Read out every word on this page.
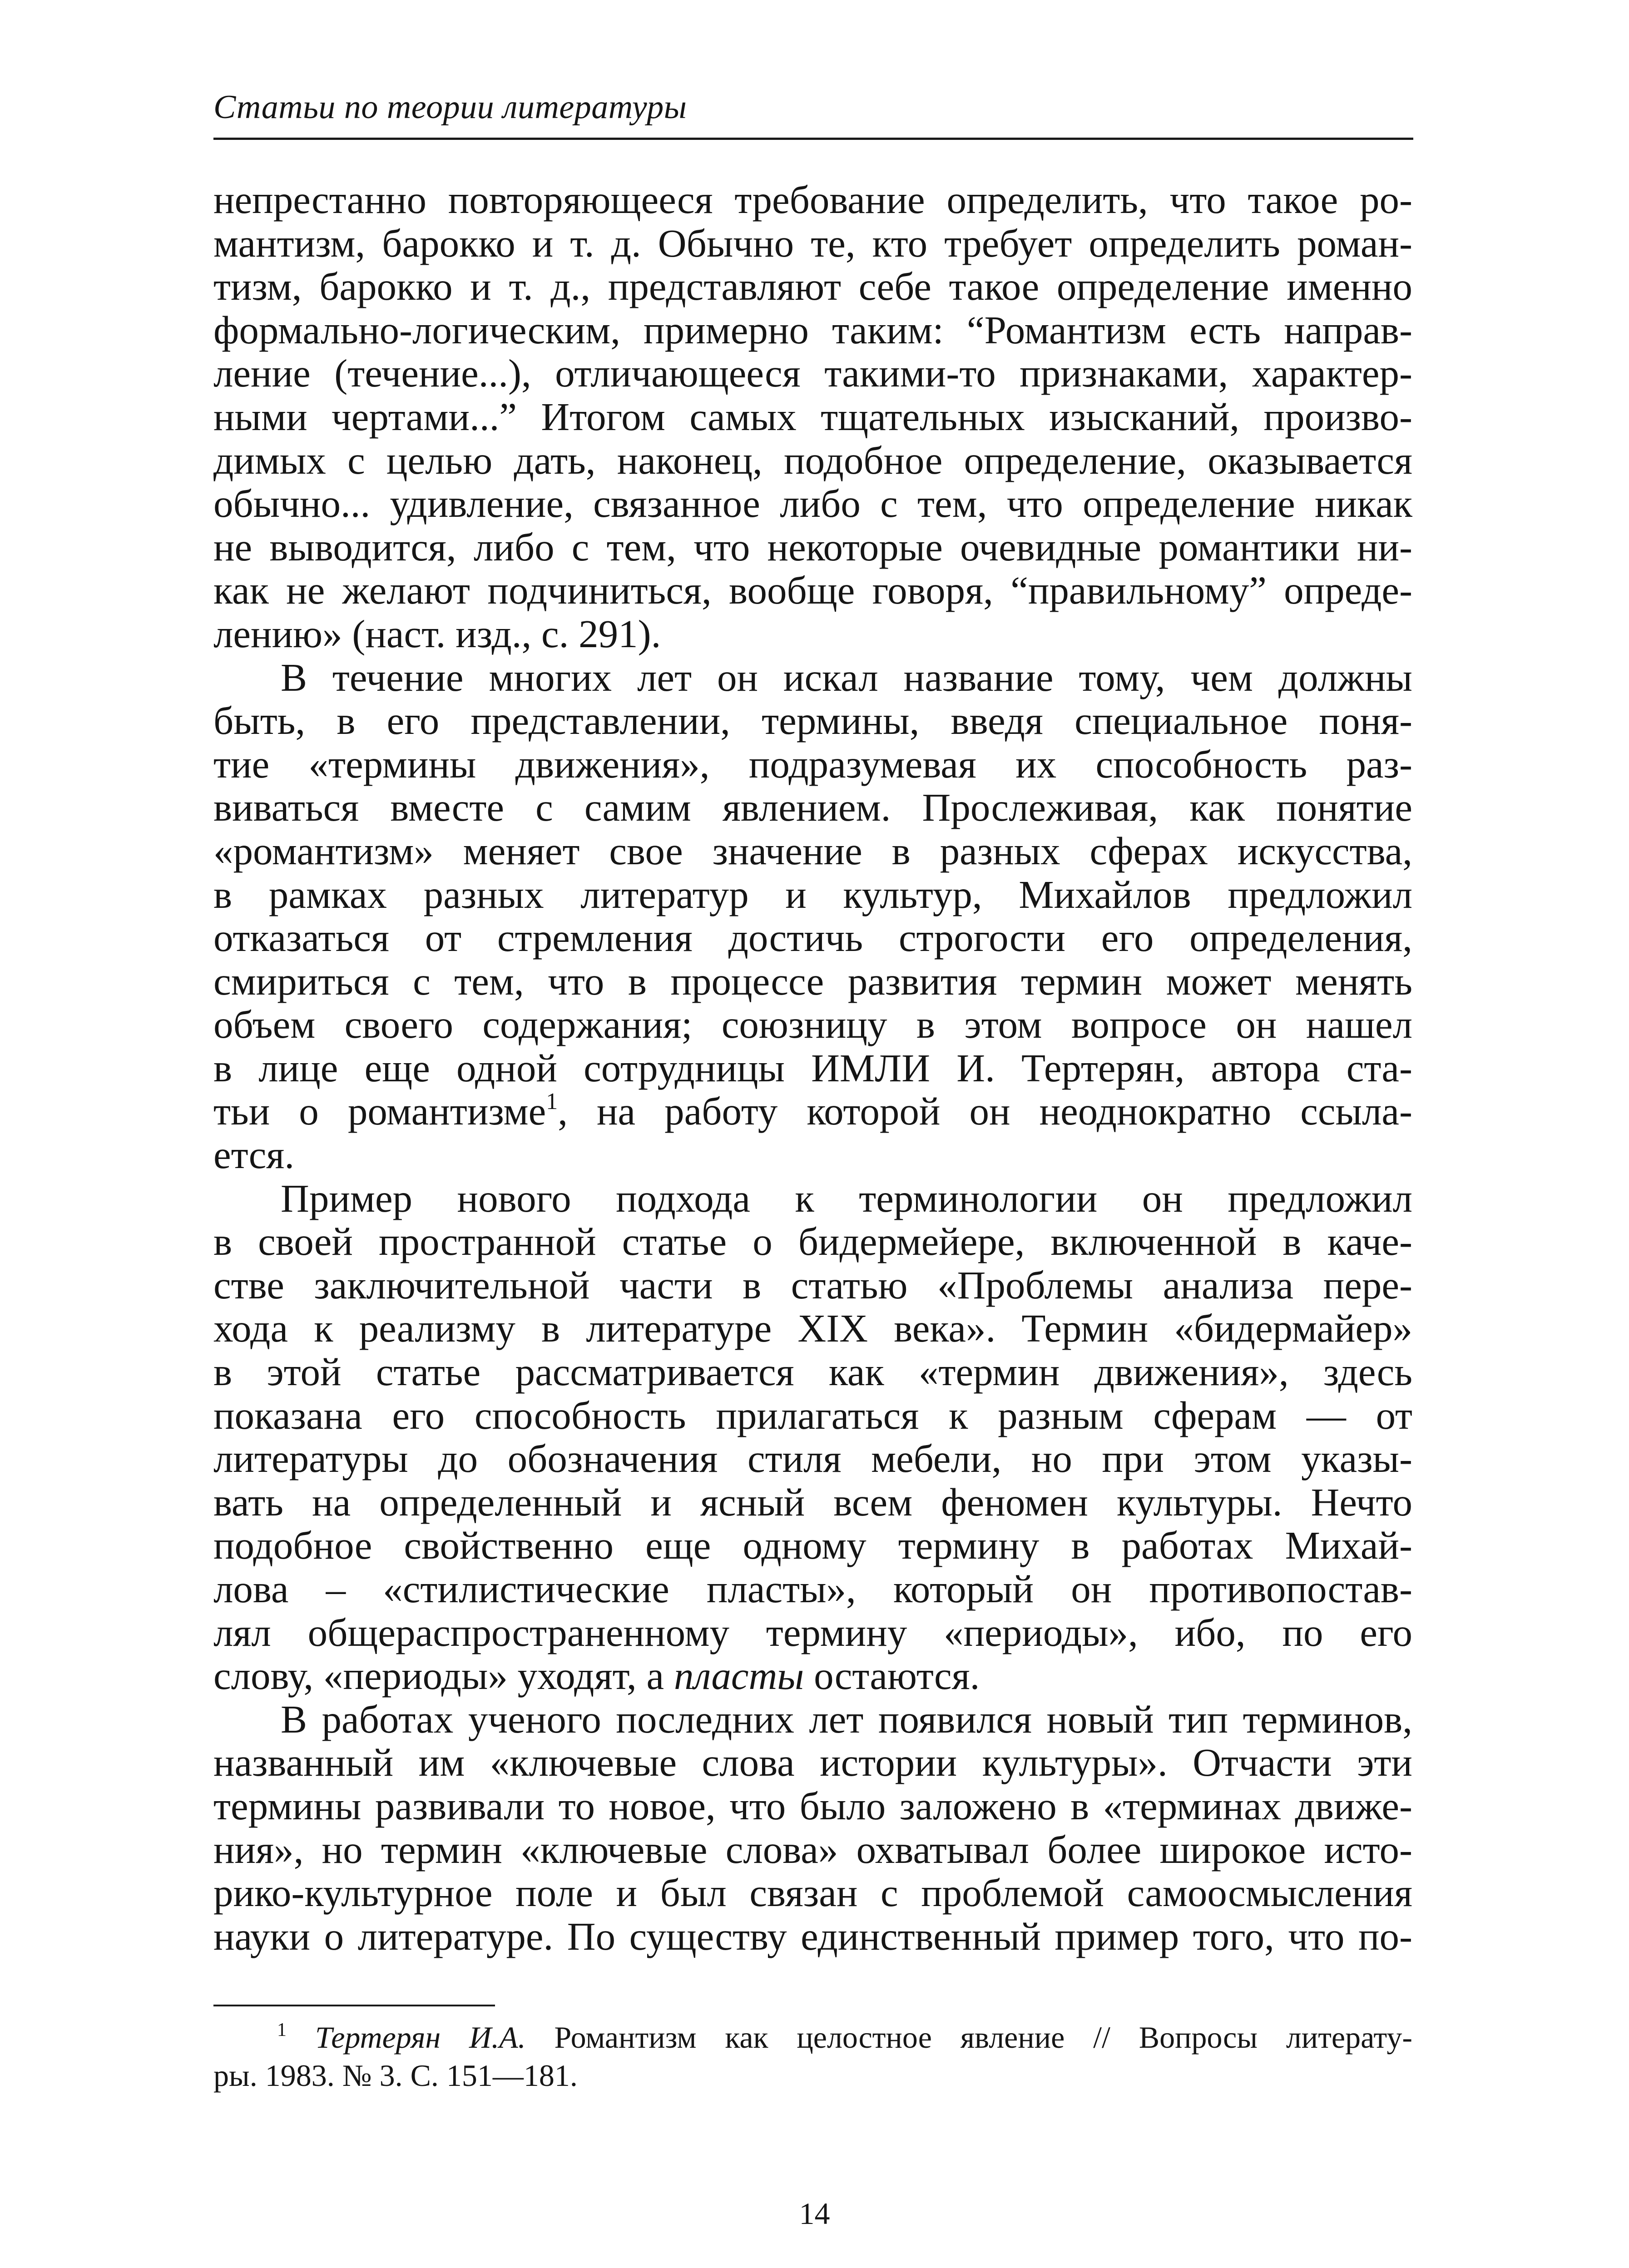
Статьи по теории литературы
непрестанно повторяющееся требование определить, что такое ро-
мантизм, барокко и т. д. Обычно те, кто требует определить роман-
тизм, барокко и т. д., представляют себе такое определение именно
формально-логическим, примерно таким: “Романтизм есть направ-
ление (течение...), отличающееся такими-то признаками, характер-
ными чертами...” Итогом самых тщательных изысканий, произво-
димых с целью дать, наконец, подобное определение, оказывается
обычно... удивление, связанное либо с тем, что определение никак
не выводится, либо с тем, что некоторые очевидные романтики ни-
как не желают подчиниться, вообще говоря, “правильному” опреде-
лению» (наст. изд., с. 291).
В течение многих лет он искал название тому, чем должны
быть, в его представлении, термины, введя специальное поня-
тие «термины движения», подразумевая их способность раз-
виваться вместе с самим явлением. Прослеживая, как понятие
«романтизм» меняет свое значение в разных сферах искусства,
в рамках разных литератур и культур, Михайлов предложил
отказаться от стремления достичь строгости его определения,
смириться с тем, что в процессе развития термин может менять
объем своего содержания; союзницу в этом вопросе он нашел
в лице еще одной сотрудницы ИМЛИ И. Тертерян, автора ста-
тьи о романтизме$^1$, на работу которой он неоднократно ссыла-
ется.
Пример нового подхода к терминологии он предложил
в своей пространной статье о бидермейере, включенной в каче-
стве заключительной части в статью «Проблемы анализа пере-
хода к реализму в литературе XIX века». Термин «бидермайер»
в этой статье рассматривается как «термин движения», здесь
показана его способность прилагаться к разным сферам — от
литературы до обозначения стиля мебели, но при этом указы-
вать на определенный и ясный всем феномен культуры. Нечто
подобное свойственно еще одному термину в работах Михай-
лова – «стилистические пласты», который он противопостав-
лял общераспространенному термину «периоды», ибо, по его
слову, «периоды» уходят, а пласты остаются.
В работах ученого последних лет появился новый тип терминов,
названный им «ключевые слова истории культуры». Отчасти эти
термины развивали то новое, что было заложено в «терминах движе-
ния», но термин «ключевые слова» охватывал более широкое исто-
рико-культурное поле и был связан с проблемой самоосмысления
науки о литературе. По существу единственный пример того, что по-
$^1$ Тертерян И.А. Романтизм как целостное явление // Вопросы литерату-
ры. 1983. № 3. С. 151—181.
14
